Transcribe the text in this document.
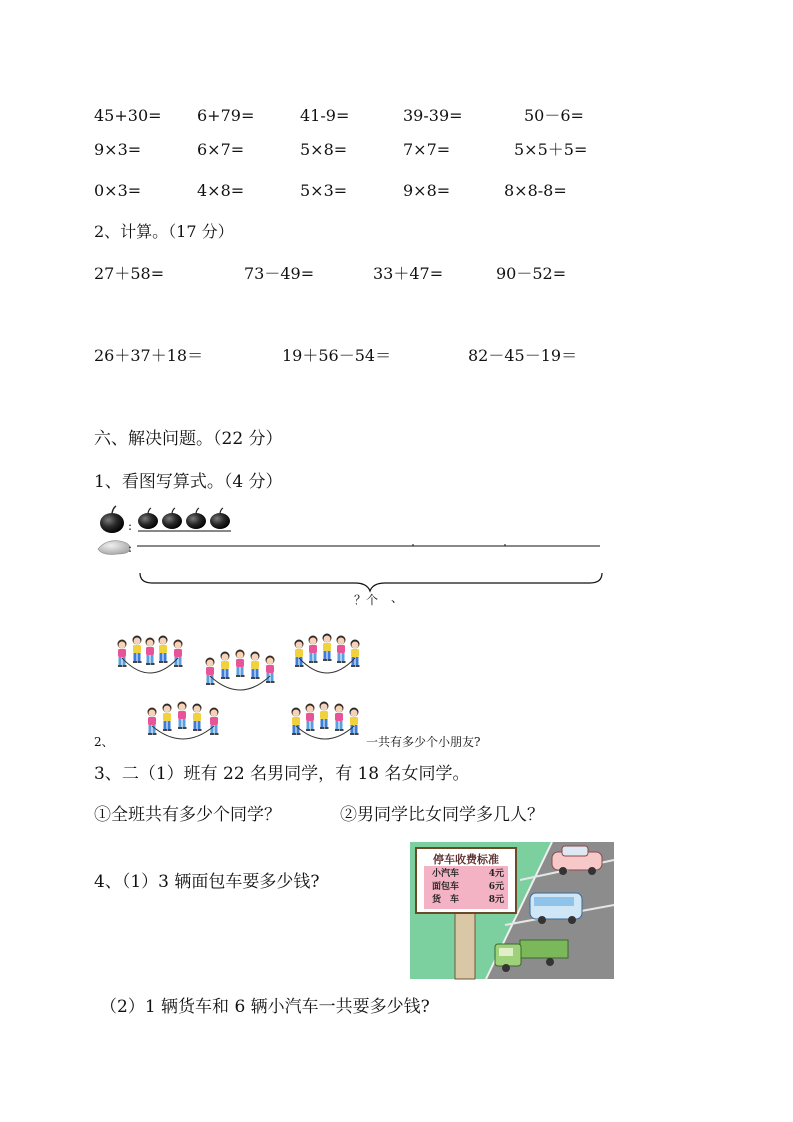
45+30= 6+79=	41-9=	39-39=	50－6=
9×3=	6×7=	5×8=	7×7=	5×5＋5=
0×3=	4×8=	5×3=	9×8=	8×8-8=
2、计算。（17 分）
27＋58=	73－49=	33＋47=	90－52=
26＋37＋18＝	19＋56－54＝	82－45－19＝
六、解决问题。（22 分）
1、看图写算式。（4 分）
:
:
？个 、
2、	一共有多少个小朋友?
3、二（1）班有 22 名男同学，有 18 名女同学。
①全班共有多少个同学？	②男同学比女同学多几人？
4、（1）3 辆面包车要多少钱?
停车收费标准
小汽车	4元
面包车	6元
货　车	8元
（2）1 辆货车和 6 辆小汽车一共要多少钱?
